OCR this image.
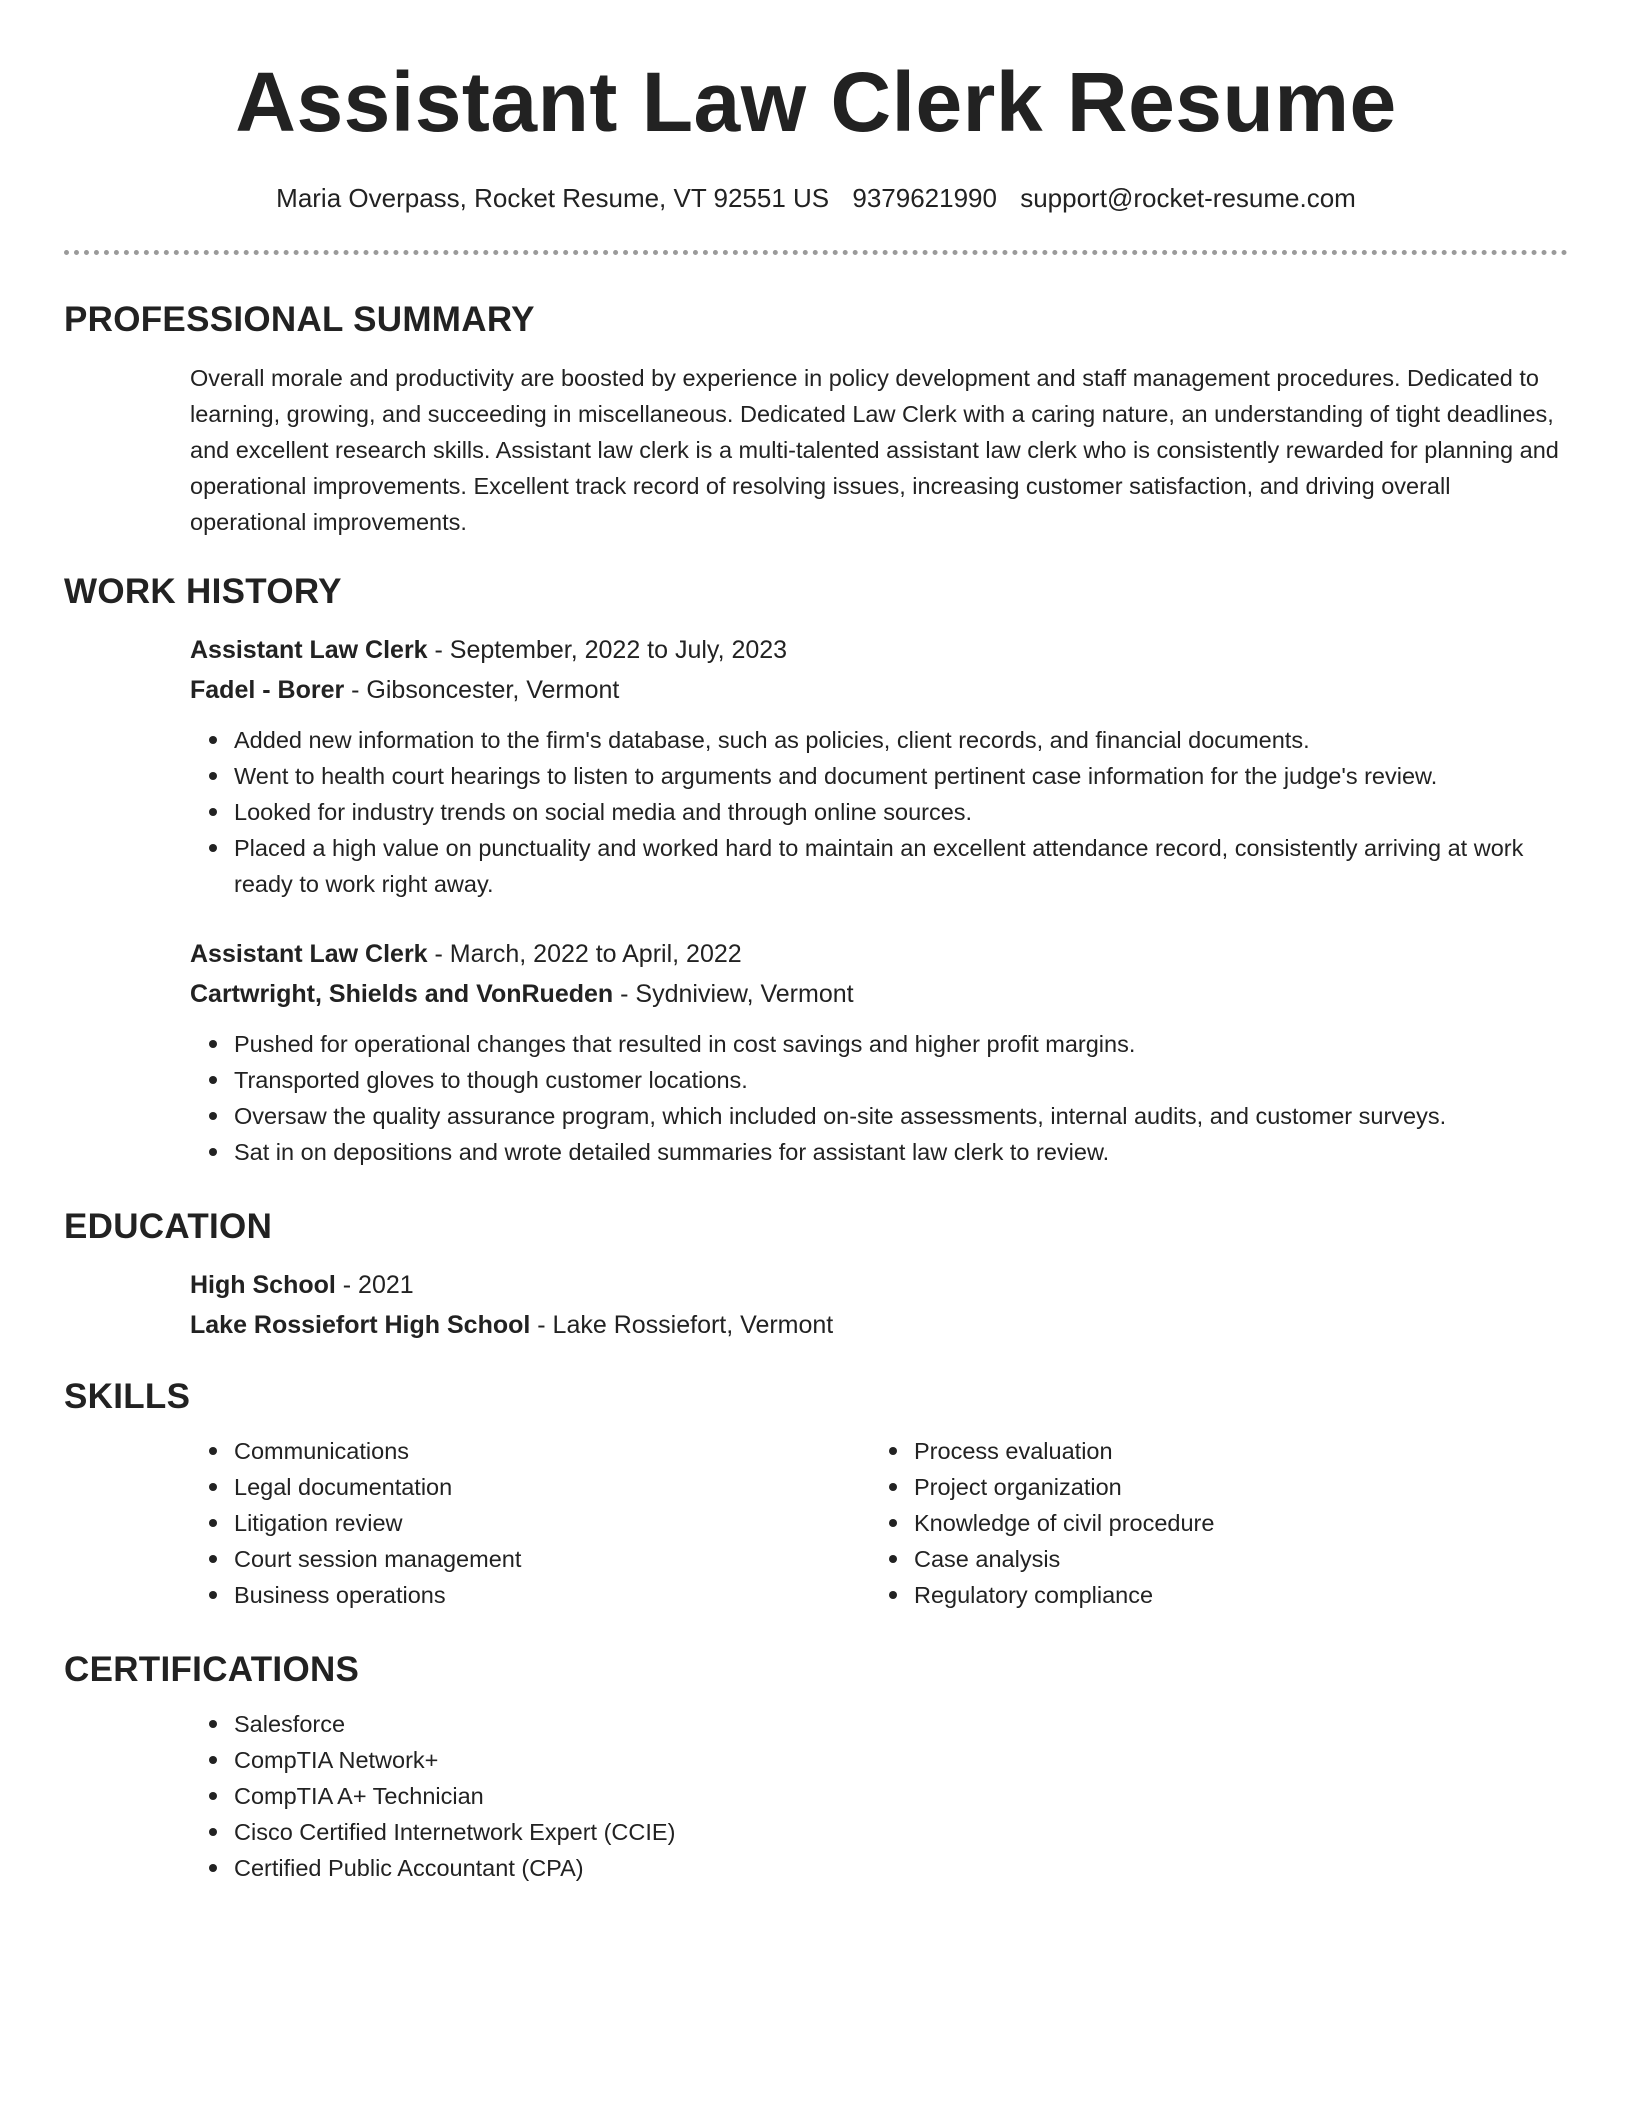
Assistant Law Clerk Resume
Maria Overpass, Rocket Resume, VT 92551 US 9379621990 support@rocket-resume.com
PROFESSIONAL SUMMARY
Overall morale and productivity are boosted by experience in policy development and staff management procedures. Dedicated to learning, growing, and succeeding in miscellaneous. Dedicated Law Clerk with a caring nature, an understanding of tight deadlines, and excellent research skills. Assistant law clerk is a multi-talented assistant law clerk who is consistently rewarded for planning and operational improvements. Excellent track record of resolving issues, increasing customer satisfaction, and driving overall operational improvements.
WORK HISTORY
Assistant Law Clerk - September, 2022 to July, 2023
Fadel - Borer - Gibsoncester, Vermont
Added new information to the firm's database, such as policies, client records, and financial documents.
Went to health court hearings to listen to arguments and document pertinent case information for the judge's review.
Looked for industry trends on social media and through online sources.
Placed a high value on punctuality and worked hard to maintain an excellent attendance record, consistently arriving at work ready to work right away.
Assistant Law Clerk - March, 2022 to April, 2022
Cartwright, Shields and VonRueden - Sydniview, Vermont
Pushed for operational changes that resulted in cost savings and higher profit margins.
Transported gloves to though customer locations.
Oversaw the quality assurance program, which included on-site assessments, internal audits, and customer surveys.
Sat in on depositions and wrote detailed summaries for assistant law clerk to review.
EDUCATION
High School - 2021
Lake Rossiefort High School - Lake Rossiefort, Vermont
SKILLS
Communications
Legal documentation
Litigation review
Court session management
Business operations
Process evaluation
Project organization
Knowledge of civil procedure
Case analysis
Regulatory compliance
CERTIFICATIONS
Salesforce
CompTIA Network+
CompTIA A+ Technician
Cisco Certified Internetwork Expert (CCIE)
Certified Public Accountant (CPA)
